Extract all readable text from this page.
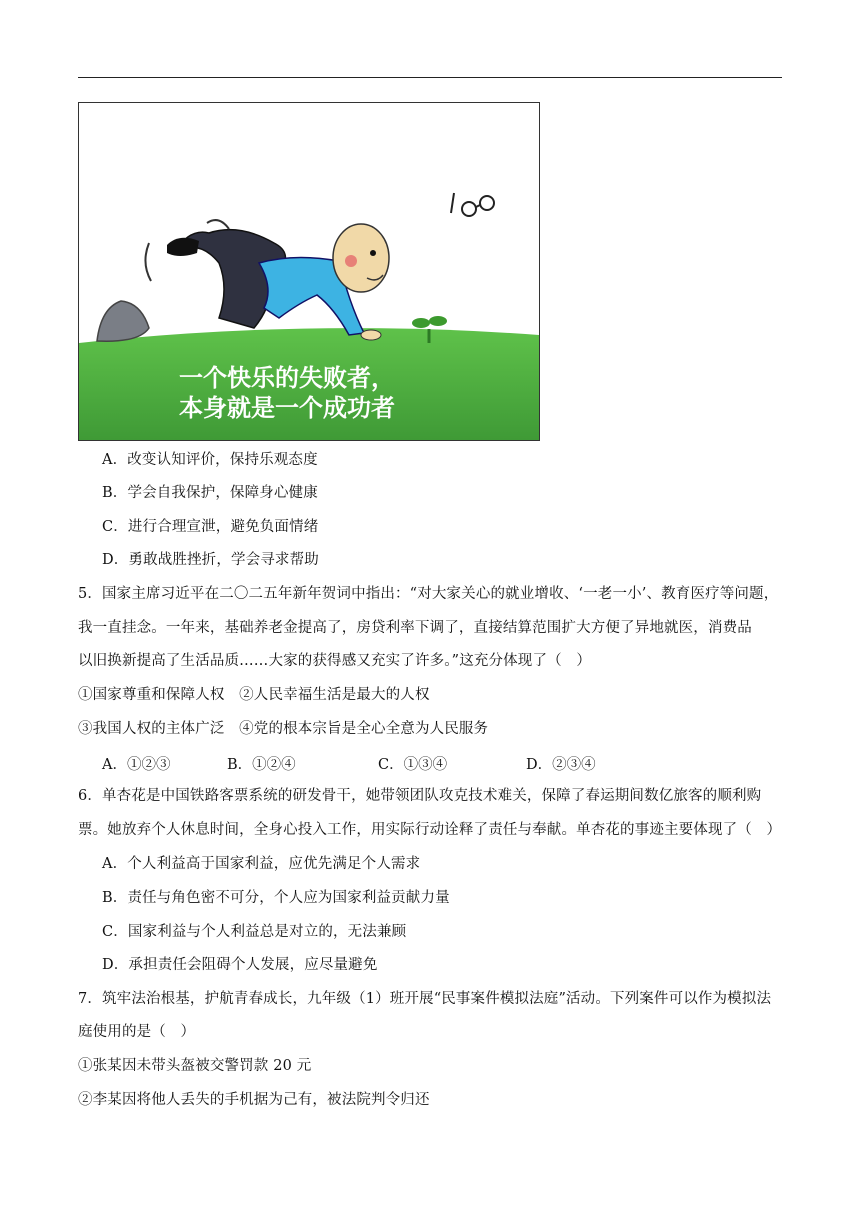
一个快乐的失败者，
本身就是一个成功者
A．改变认知评价，保持乐观态度
B．学会自我保护，保障身心健康
C．进行合理宣泄，避免负面情绪
D．勇敢战胜挫折，学会寻求帮助
5．国家主席习近平在二〇二五年新年贺词中指出：“对大家关心的就业增收、‘一老一小’、教育医疗等问题，
我一直挂念。一年来，基础养老金提高了，房贷利率下调了，直接结算范围扩大方便了异地就医，消费品
以旧换新提高了生活品质……大家的获得感又充实了许多。”这充分体现了（　）
①国家尊重和保障人权　②人民幸福生活是最大的人权
③我国人权的主体广泛　④党的根本宗旨是全心全意为人民服务
A．①②③	B．①②④	C．①③④	D．②③④
6．单杏花是中国铁路客票系统的研发骨干，她带领团队攻克技术难关，保障了春运期间数亿旅客的顺利购
票。她放弃个人休息时间，全身心投入工作，用实际行动诠释了责任与奉献。单杏花的事迹主要体现了（　）
A．个人利益高于国家利益，应优先满足个人需求
B．责任与角色密不可分，个人应为国家利益贡献力量
C．国家利益与个人利益总是对立的，无法兼顾
D．承担责任会阻碍个人发展，应尽量避免
7．筑牢法治根基，护航青春成长，九年级（1）班开展“民事案件模拟法庭”活动。下列案件可以作为模拟法
庭使用的是（　）
①张某因未带头盔被交警罚款 20 元
②李某因将他人丢失的手机据为己有，被法院判令归还
